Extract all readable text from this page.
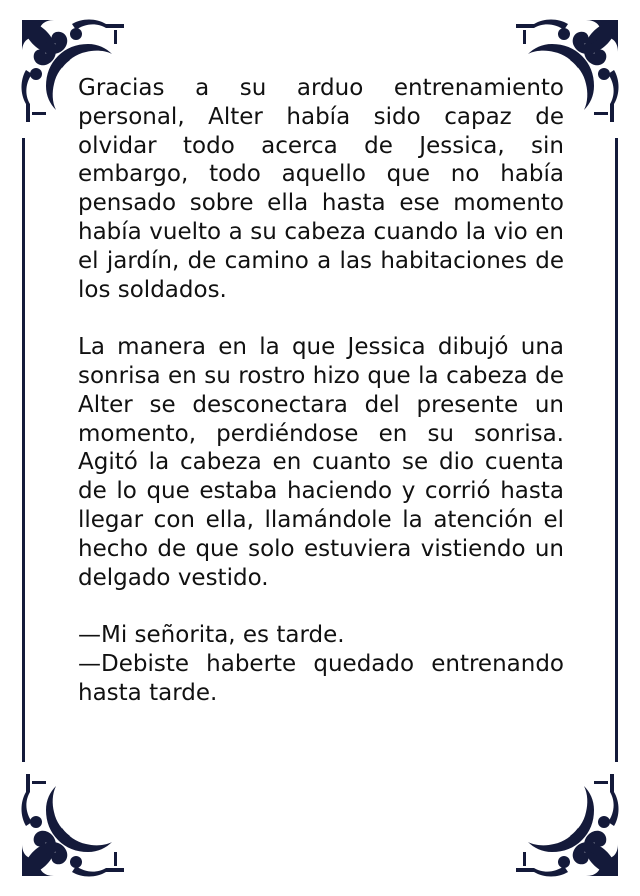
Gracias a su arduo entrenamiento personal, Alter había sido capaz de olvidar todo acerca de Jessica, sin embargo, todo aquello que no había pensado sobre ella hasta ese momento había vuelto a su cabeza cuando la vio en el jardín, de camino a las habitaciones de los soldados.

La manera en la que Jessica dibujó una sonrisa en su rostro hizo que la cabeza de Alter se desconectara del presente un momento, perdiéndose en su sonrisa. Agitó la cabeza en cuanto se dio cuenta de lo que estaba haciendo y corrió hasta llegar con ella, llamándole la atención el hecho de que solo estuviera vistiendo un delgado vestido.

—Mi señorita, es tarde.

—Debiste haberte quedado entrenando hasta tarde.
